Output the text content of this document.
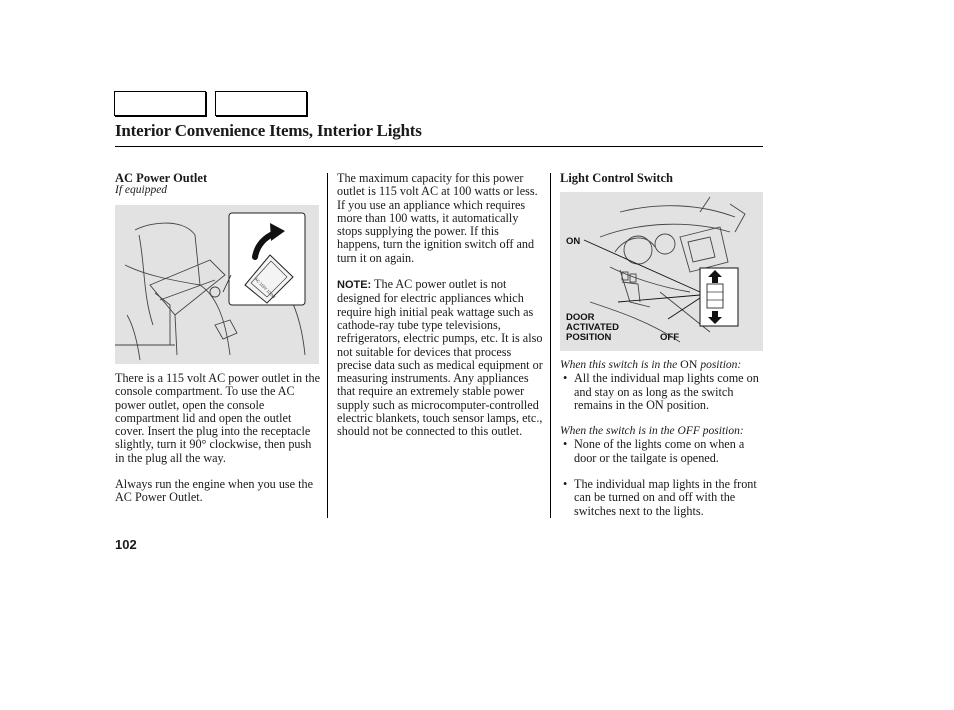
Interior Convenience Items, Interior Lights
AC Power Outlet
If equipped
AC 115V 100W

There is a 115 volt AC power outlet in the console compartment. To use the AC power outlet, open the console compartment lid and open the outlet cover. Insert the plug into the receptacle slightly, turn it 90° clockwise, then push in the plug all the way.

Always run the engine when you use the AC Power Outlet.

The maximum capacity for this power outlet is 115 volt AC at 100 watts or less. If you use an appliance which requires more than 100 watts, it automatically stops supplying the power. If this happens, turn the ignition switch off and turn it on again.

NOTE: The AC power outlet is not designed for electric appliances which require high initial peak wattage such as cathode-ray tube type televisions, refrigerators, electric pumps, etc. It is also not suitable for devices that process precise data such as medical equipment or measuring instruments. Any appliances that require an extremely stable power supply such as microcomputer-controlled electric blankets, touch sensor lamps, etc., should not be connected to this outlet.

Light Control Switch
ON
DOOR
ACTIVATED
POSITION	OFF
When this switch is in the ON position:
• All the individual map lights come on and stay on as long as the switch remains in the ON position.
When the switch is in the OFF position:
• None of the lights come on when a door or the tailgate is opened.
• The individual map lights in the front can be turned on and off with the switches next to the lights.
102
